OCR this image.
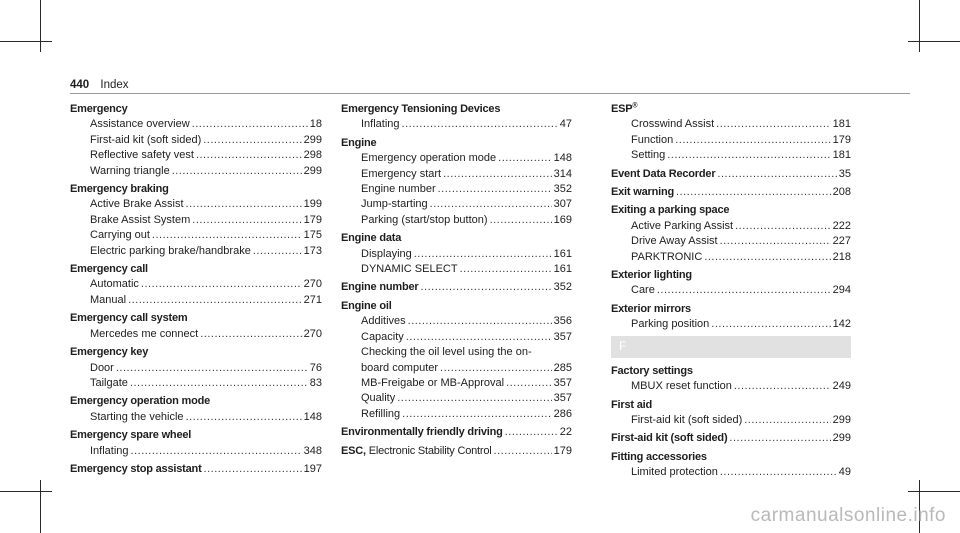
440 Index
Emergency
Assistance overview .....	18
First-aid kit (soft sided) .....	299
Reflective safety vest .....	298
Warning triangle .....	299
Emergency braking
Active Brake Assist .....	199
Brake Assist System .....	179
Carrying out .....	175
Electric parking brake/handbrake .....	173
Emergency call
Automatic .....	270
Manual .....	271
Emergency call system
Mercedes me connect .....	270
Emergency key
Door .....	76
Tailgate .....	83
Emergency operation mode
Starting the vehicle .....	148
Emergency spare wheel
Inflating .....	348
Emergency stop assistant .....	197
Emergency Tensioning Devices
Inflating .....	47
Engine
Emergency operation mode .....	148
Emergency start .....	314
Engine number .....	352
Jump-starting .....	307
Parking (start/stop button) .....	169
Engine data
Displaying .....	161
DYNAMIC SELECT .....	161
Engine number .....	352
Engine oil
Additives .....	356
Capacity .....	357
Checking the oil level using the on-
board computer .....	285
MB-Freigabe or MB-Approval .....	357
Quality .....	357
Refilling .....	286
Environmentally friendly driving .....	22
ESC, Electronic Stability Control .....	179
ESP®
Crosswind Assist .....	181
Function .....	179
Setting .....	181
Event Data Recorder .....	35
Exit warning .....	208
Exiting a parking space
Active Parking Assist .....	222
Drive Away Assist .....	227
PARKTRONIC .....	218
Exterior lighting
Care .....	294
Exterior mirrors
Parking position .....	142
F
Factory settings
MBUX reset function .....	249
First aid
First-aid kit (soft sided) .....	299
First-aid kit (soft sided) .....	299
Fitting accessories
Limited protection .....	49
carmanualsonline.info
